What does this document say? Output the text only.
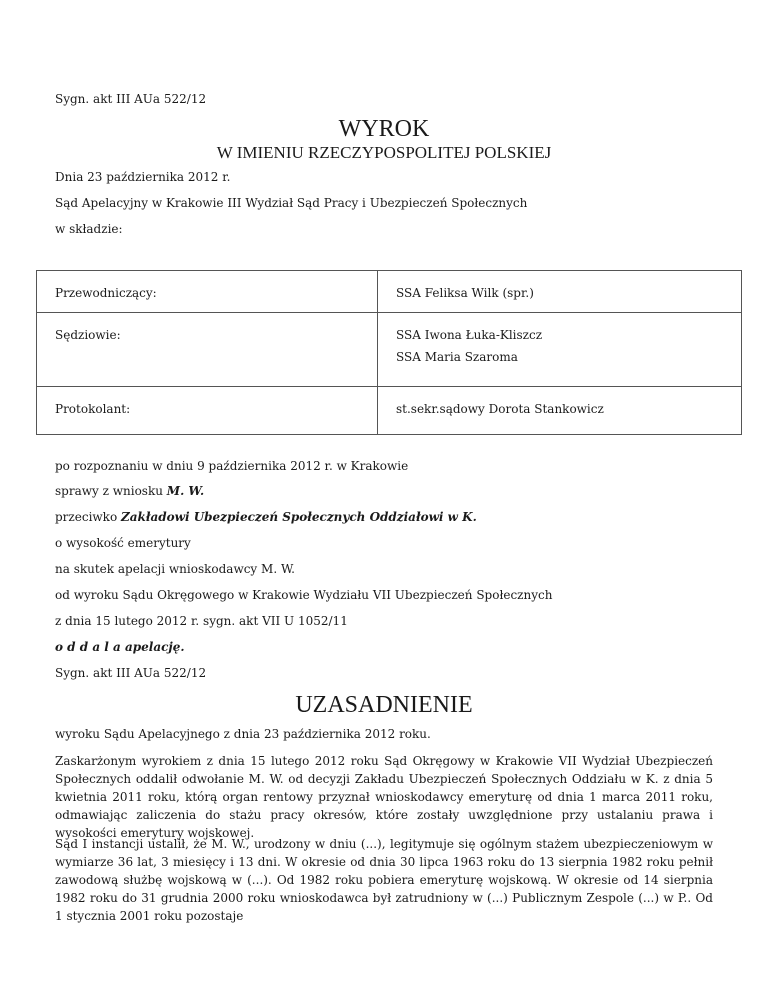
Sygn. akt III AUa 522/12
WYROK
W IMIENIU RZECZYPOSPOLITEJ POLSKIEJ
Dnia 23 października 2012 r.
Sąd Apelacyjny w Krakowie III Wydział Sąd Pracy i Ubezpieczeń Społecznych
w składzie:
Przewodniczący:	SSA Feliksa Wilk (spr.)

Sędziowie:	SSA Iwona Łuka-Kliszcz
SSA Maria Szaroma

Protokolant:	st.sekr.sądowy Dorota Stankowicz
po rozpoznaniu w dniu 9 października 2012 r. w Krakowie
sprawy z wniosku M. W.
przeciwko Zakładowi Ubezpieczeń Społecznych Oddziałowi w K.
o wysokość emerytury
na skutek apelacji wnioskodawcy M. W.
od wyroku Sądu Okręgowego w Krakowie Wydziału VII Ubezpieczeń Społecznych
z dnia 15 lutego 2012 r. sygn. akt VII U 1052/11
o d d a l a apelację.
Sygn. akt III AUa 522/12
UZASADNIENIE
wyroku Sądu Apelacyjnego z dnia 23 października 2012 roku.
Zaskarżonym wyrokiem z dnia 15 lutego 2012 roku Sąd Okręgowy w Krakowie VII Wydział Ubezpieczeń Społecznych oddalił odwołanie M. W. od decyzji Zakładu Ubezpieczeń Społecznych Oddziału w K. z dnia 5 kwietnia 2011 roku, którą organ rentowy przyznał wnioskodawcy emeryturę od dnia 1 marca 2011 roku, odmawiając zaliczenia do stażu pracy okresów, które zostały uwzględnione przy ustalaniu prawa i wysokości emerytury wojskowej.
Sąd I instancji ustalił, że M. W., urodzony w dniu (...), legitymuje się ogólnym stażem ubezpieczeniowym w wymiarze 36 lat, 3 miesięcy i 13 dni. W okresie od dnia 30 lipca 1963 roku do 13 sierpnia 1982 roku pełnił zawodową służbę wojskową w (...). Od 1982 roku pobiera emeryturę wojskową. W okresie od 14 sierpnia 1982 roku do 31 grudnia 2000 roku wnioskodawca był zatrudniony w (...) Publicznym Zespole (...) w P.. Od 1 stycznia 2001 roku pozostaje
